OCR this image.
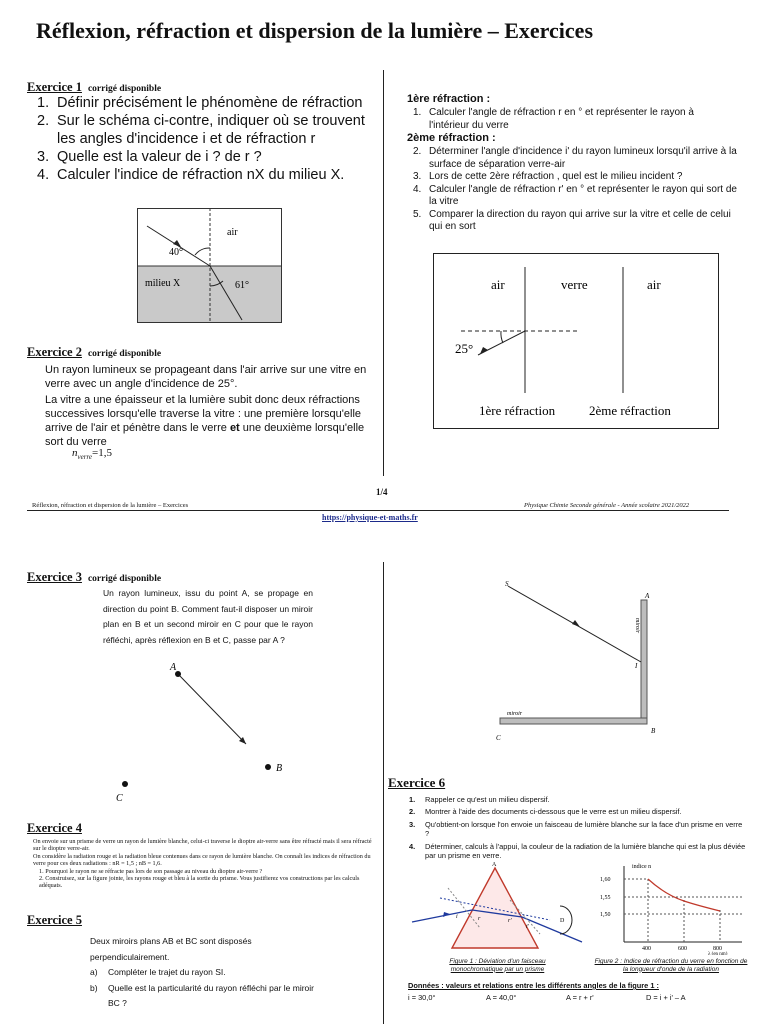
Réflexion, réfraction et dispersion de la lumière – Exercices
Exercice 1 corrigé disponible
1. Définir précisément le phénomène de réfraction
2. Sur le schéma ci-contre, indiquer où se trouvent les angles d'incidence i et de réfraction r
3. Quelle est la valeur de i ? de r ?
4. Calculer l'indice de réfraction nX du milieu X.
air
40°
milieu X	61°
Exercice 2 corrigé disponible
Un rayon lumineux se propageant dans l'air arrive sur une vitre en verre avec un angle d'incidence de 25°.
La vitre a une épaisseur et la lumière subit donc deux réfractions successives lorsqu'elle traverse la vitre : une première lorsqu'elle arrive de l'air et pénètre dans le verre et une deuxième lorsqu'elle sort du verre
$n_{verre}=1,5$
1ère réfraction :
1. Calculer l'angle de réfraction r en ° et représenter le rayon à l'intérieur du verre
2ème réfraction :
2. Déterminer l'angle d'incidence i' du rayon lumineux lorsqu'il arrive à la surface de séparation verre-air
3. Lors de cette 2ère réfraction , quel est le milieu incident ?
4. Calculer l'angle de réfraction r' en ° et représenter le rayon qui sort de la vitre
5. Comparer la direction du rayon qui arrive sur la vitre et celle de celui qui en sort
air	verre	air
25°
1ère réfraction	2ème réfraction
Réflexion, réfraction et dispersion de la lumière – Exercices
1/4
Physique Chimie Seconde générale - Année scolaire 2021/2022
https://physique-et-maths.fr
Exercice 3 corrigé disponible
Un rayon lumineux, issu du point A, se propage en direction du point B. Comment faut-il disposer un miroir plan en B et un second miroir en C pour que le rayon réfléchi, après réflexion en B et C, passe par A ?
A
B
C
Exercice 4
On envoie sur un prisme de verre un rayon de lumière blanche, celui-ci traverse le dioptre air-verre sans être réfracté mais il sera réfracté sur le dioptre verre-air.
On considère la radiation rouge et la radiation bleue contenues dans ce rayon de lumière blanche. On connaît les indices de réfraction du verre pour ces deux radiations : nR = 1,5 ; nB = 1,6.
1. Pourquoi le rayon ne se réfracte pas lors de son passage au niveau du dioptre air-verre ?
2. Construisez, sur la figure jointe, les rayons rouge et bleu à la sortie du prisme. Vous justifierez vos constructions par les calculs adéquats.
Exercice 5
Deux miroirs plans AB et BC sont disposés perpendiculairement.
a) Compléter le trajet du rayon SI.
b) Quelle est la particularité du rayon réfléchi par le miroir BC ?
S
A
I
B
C
miroir
miroir
Exercice 6
1. Rappeler ce qu'est un milieu dispersif.
2. Montrer à l'aide des documents ci-dessous que le verre est un milieu dispersif.
3. Qu'obtient-on lorsque l'on envoie un faisceau de lumière blanche sur la face d'un prisme en verre ?
4. Déterminer, calculs à l'appui, la couleur de la radiation de la lumière blanche qui est la plus déviée par un prisme en verre.
A
i	r	r'
i'
D
Figure 1 : Déviation d'un faisceau monochromatique par un prisme
indice n
1,60
1,55
1,50
400	600	800
λ (en nm)
Figure 2 : Indice de réfraction du verre en fonction de la longueur d'onde de la radiation
Données : valeurs et relations entre les différents angles de la figure 1 :
i = 30,0°	A = 40,0°	A = r + r'	D = i + i' – A
